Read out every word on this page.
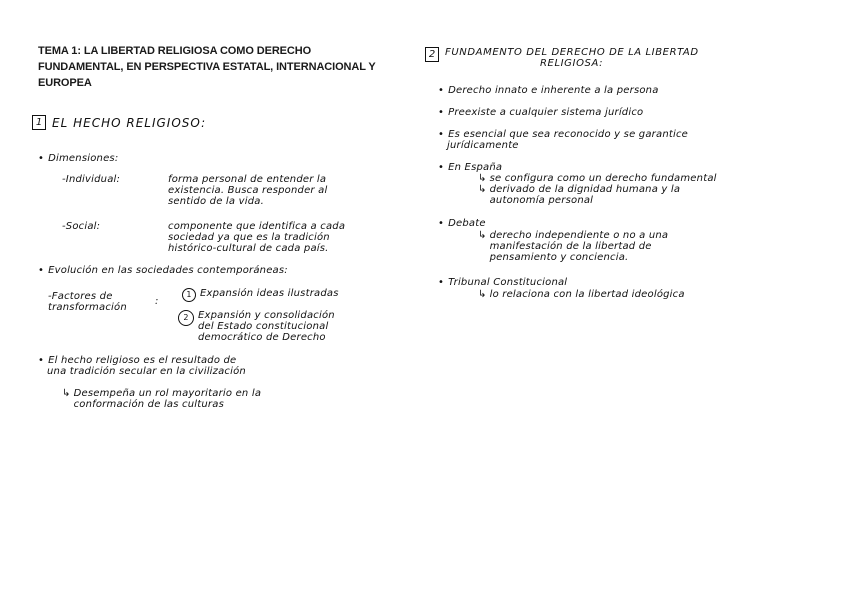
TEMA 1: LA LIBERTAD RELIGIOSA COMO DERECHO FUNDAMENTAL, EN PERSPECTIVA ESTATAL, INTERNACIONAL Y EUROPEA
1 EL HECHO RELIGIOSO:
• Dimensiones:
-Individual:	forma personal de entender la
existencia. Busca responder al
sentido de la vida.
-Social:	componente que identifica a cada
sociedad ya que es la tradición
histórico-cultural de cada país.
• Evolución en las sociedades contemporáneas:
-Factores de
transformación
:
1 Expansión ideas ilustradas
2 Expansión y consolidación
del Estado constitucional
democrático de Derecho
• El hecho religioso es el resultado de
una tradición secular en la civilización
↳ Desempeña un rol mayoritario en la
conformación de las culturas
2 FUNDAMENTO DEL DERECHO DE LA LIBERTAD
RELIGIOSA:
• Derecho innato e inherente a la persona
• Preexiste a cualquier sistema jurídico
• Es esencial que sea reconocido y se garantice
jurídicamente
• En España
↳ se configura como un derecho fundamental
↳ derivado de la dignidad humana y la
autonomía personal
• Debate
↳ derecho independiente o no a una
manifestación de la libertad de
pensamiento y conciencia.
• Tribunal Constitucional
↳ lo relaciona con la libertad ideológica
